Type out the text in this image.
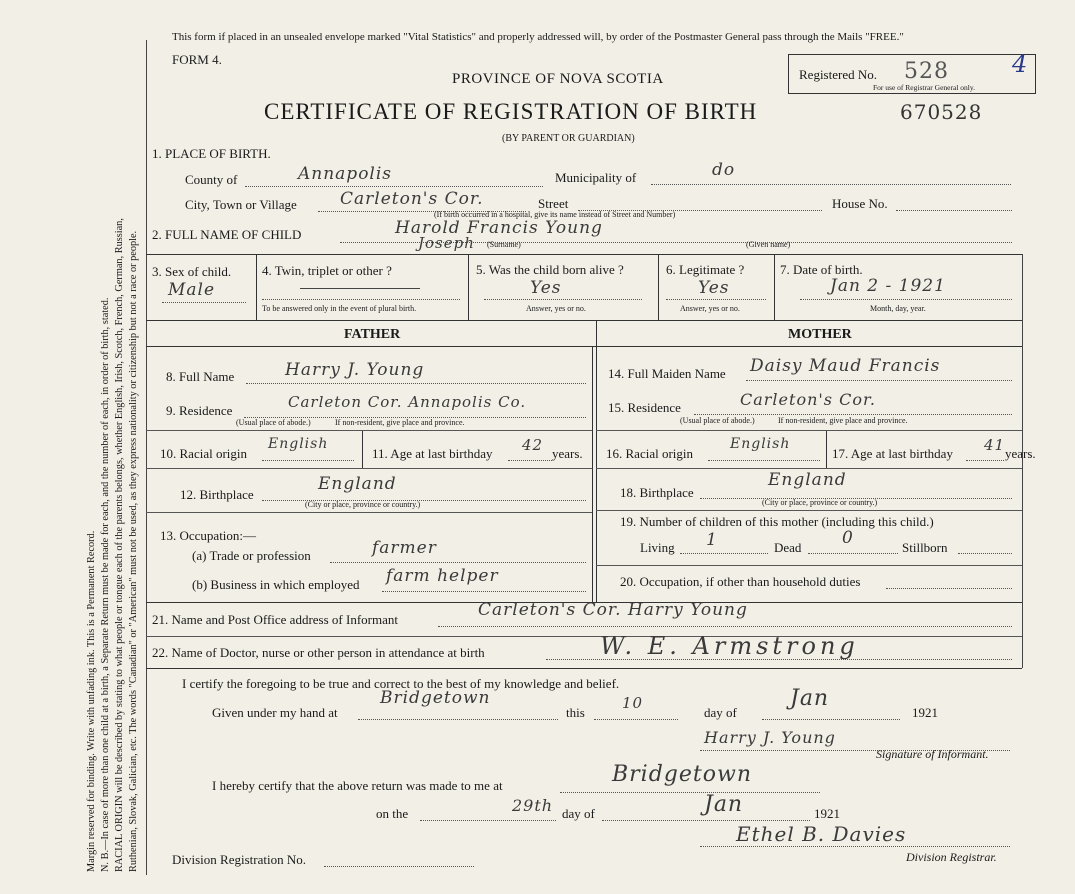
Margin reserved for binding. Write with unfading ink. This is a Permanent Record. N. B.—In case of more than one child at a birth, a Separate Return must be made for each, and the number of each, in order of birth, stated. RACIAL ORIGIN will be described by stating to what people or tongue each of the parents belongs, whether English, Irish, Scotch, French, German, Russian, Ruthenian, Slovak, Galician, etc. The words "Canadian" or "American" must not be used, as they express nationality or citizenship but not a race or people.
This form if placed in an unsealed envelope marked "Vital Statistics" and properly addressed will, by order of the Postmaster General pass through the Mails "FREE."
FORM 4.
PROVINCE OF NOVA SCOTIA
CERTIFICATE OF REGISTRATION OF BIRTH
(BY PARENT OR GUARDIAN)
670528
Registered No. 528
For use of Registrar General only.
4
1. PLACE OF BIRTH.
County of	Annapolis	Municipality of	do
City, Town or Village	Carleton's Cor.	Street	House No.
(If birth occurred in a hospital, give its name instead of Street and Number)
2. FULL NAME OF CHILD	Harold Francis Young
Joseph (Surname)	(Given name)
3. Sex of child.
Male
4. Twin, triplet or other ?
To be answered only in the event of plural birth.
5. Was the child born alive ?
Yes
Answer, yes or no.
6. Legitimate ?
Yes
Answer, yes or no.
7. Date of birth.
Jan 2 - 1921
Month, day, year.
FATHER	MOTHER
8. Full Name	Harry J. Young
9. Residence	Carleton Cor. Annapolis Co.
(Usual place of abode.)	If non-resident, give place and province.
10. Racial origin
English
11. Age at last birthday 42 years.
12. Birthplace
England
(City or place, province or country.)
13. Occupation:—
(a) Trade or profession	farmer
(b) Business in which employed farm helper
14. Full Maiden Name Daisy Maud Francis
15. Residence	Carleton's Cor.
(Usual place of abode.)	If non-resident, give place and province.
16. Racial origin
English
17. Age at last birthday 41 years.
18. Birthplace
England
(City or place, province or country.)
19. Number of children of this mother (including this child.)
Living 1	Dead 0	Stillborn
20. Occupation, if other than household duties
21. Name and Post Office address of Informant	Carleton's Cor. Harry Young
22. Name of Doctor, nurse or other person in attendance at birth	W. E. Armstrong
I certify the foregoing to be true and correct to the best of my knowledge and belief.
Given under my hand at
Bridgetown
this
10
day of
Jan
1921
Harry J. Young
Signature of Informant.
I hereby certify that the above return was made to me at	Bridgetown
on the	29th day of	Jan	1921
Ethel B. Davies
Division Registration No.	Division Registrar.
